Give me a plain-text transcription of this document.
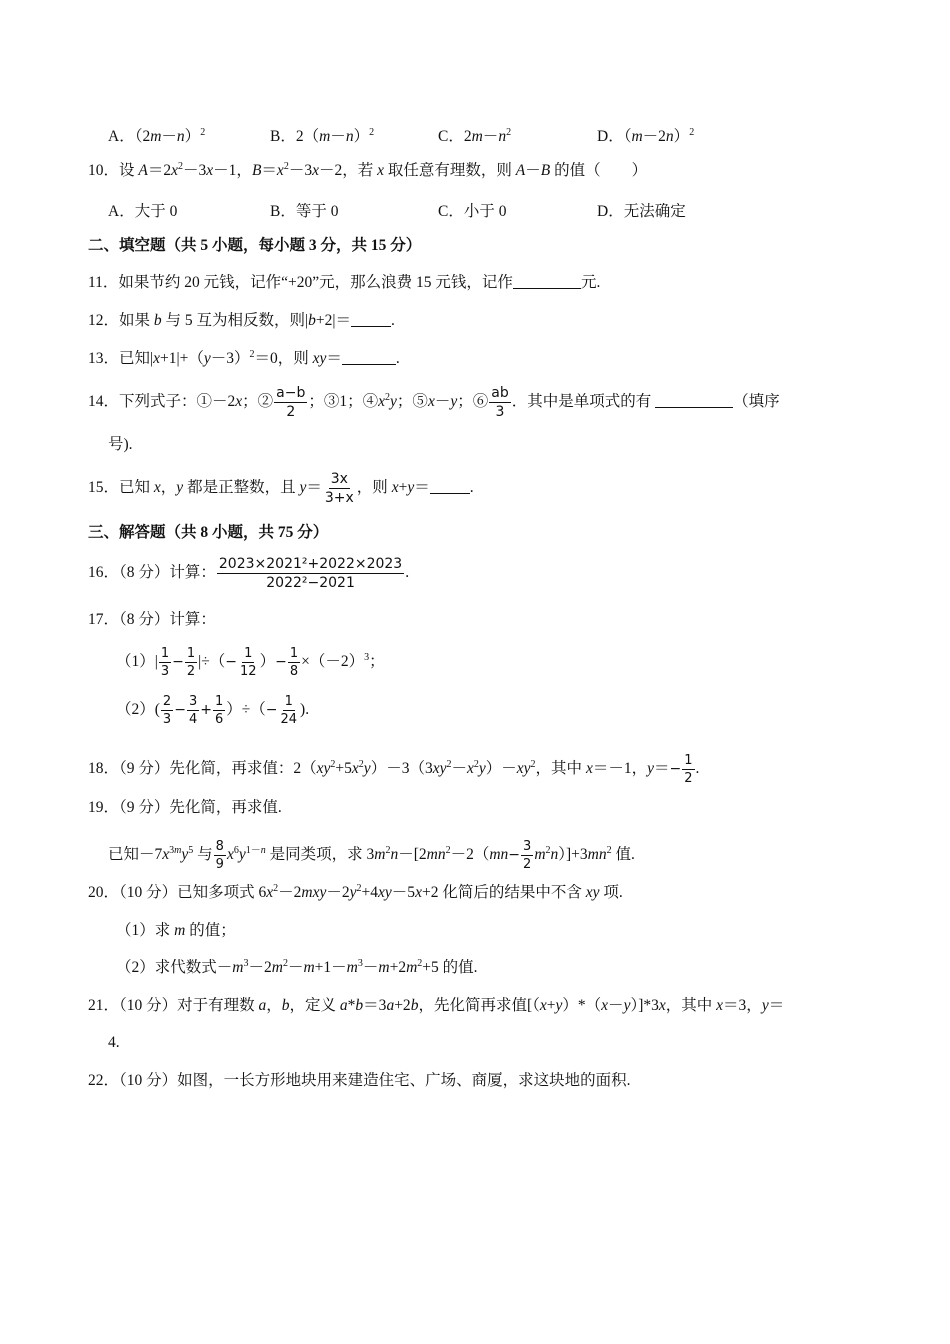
A．$(2m-n)^2$	B．$2(m-n)^2$	C．$2m-n^2$	D．$(m-2n)^2$
10．设 $A=2x^2-3x-1$，$B=x^2-3x-2$，若 x 取任意有理数，则 A－B 的值（　　）
A．大于 0	B．等于 0	C．小于 0	D．无法确定
二、填空题（共 5 小题，每小题 3 分，共 15 分）
11．如果节约 20 元钱，记作“+20”元，那么浪费 15 元钱，记作	元.
12．如果 b 与 5 互为相反数，则|b+2|＝	.
13．已知$|x+1|+(y-3)^2=0$，则 xy＝	.
14．下列式子：①－2x；② $\frac{a-b}{2}$ ；③1；$④x^2y$；⑤x－y；⑥ $\frac{ab}{3}$ ．其中是单项式的有	（填序
号).
15．已知 x，y 都是正整数，且 $y= \frac{3x}{3+x}$ ，则 x+y＝	.
三、解答题（共 8 小题，共 75 分）
16．（8 分）计算： $\frac{\text{2023×2021²+2022×2023}}{\text{2022²−2021}}$ .
17．（8 分）计算：
$(1)| \frac{1}{3} - \frac{1}{2}$ |÷（− $\frac{1}{12}$ ）− $\frac{1}{8} \times(-2)^3$；
$(2)( \frac{2}{3} - \frac{3}{4} + \frac{1}{6}$ ）÷（− $\frac{1}{24}$ ).
18．（9 分）先化简，再求值：$2(xy^2+5x^2y)-3(3xy^2-x^2y)-xy^2$，其中 x＝－1，$y=- \frac{1}{2}$ .
19．（9 分）先化简，再求值.
已知$-7x^{3m}y^5$ 与 $\frac{8}{9} x^6y^{1-n}$ 是同类项，求 $3m^2n-[2mn^2-2(mn- \frac{3}{2} m^2n)]+3mn^2$ 值.
20．（10 分）已知多项式 $6x^2-2mxy-2y^2+4xy-5x+2$ 化简后的结果中不含 xy 项.
（1）求 m 的值；
（2）求代数式$-m^3-2m^2-m+1-m^3-m+2m^2+5$ 的值.
21．（10 分）对于有理数 a，b，定义 a*b＝3a+2b，先化简再求值[（x+y）*（x－y）]*3x，其中 x＝3，y＝
4.
22．（10 分）如图，一长方形地块用来建造住宅、广场、商厦，求这块地的面积.
